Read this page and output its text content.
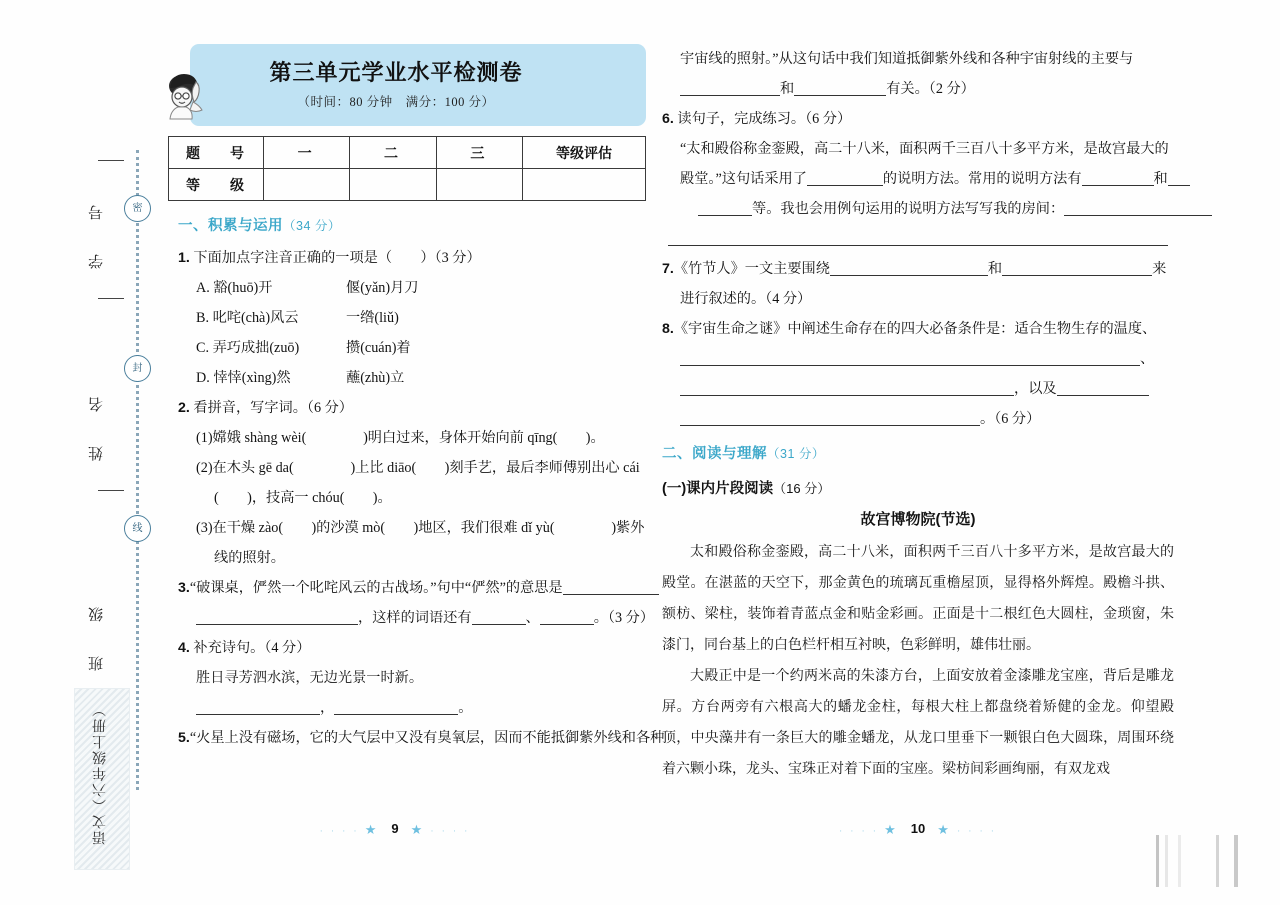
学 号
姓 名
班 级
密
封
线
语文（六年级上册）
第三单元学业水平检测卷
（时间：80 分钟　满分：100 分）
题　号	一	二	三	等级评估
等　级				
一、积累与运用（34 分）
1. 下面加点字注音正确的一项是（　　）（3 分）
A. 豁(huō)开	偃(yǎn)月刀
B. 叱咤(chà)风云	一绺(liǔ)
C. 弄巧成拙(zuō)	攒(cuán)着
D. 悻悻(xìng)然	蘸(zhù)立
2. 看拼音，写字词。（6 分）
(1)嫦娥 shàng wèi(　　　　)明白过来，身体开始向前 qīng(　　)。
(2)在木头 gē da(　　　　)上比 diāo(　　)刻手艺，最后李师傅别出心 cái
(　　)，技高一 chóu(　　)。
(3)在干燥 zào(　　)的沙漠 mò(　　)地区，我们很难 dǐ yù(　　　　)紫外
线的照射。
3.“破课桌，俨然一个叱咤风云的古战场。”句中“俨然”的意思是
，这样的词语还有	、	。（3 分）
4. 补充诗句。（4 分）
胜日寻芳泗水滨，无边光景一时新。
，	。
5.“火星上没有磁场，它的大气层中又没有臭氧层，因而不能抵御紫外线和各种
· · · · ★ 9 ★ · · · ·
宇宙线的照射。”从这句话中我们知道抵御紫外线和各种宇宙射线的主要与
和	有关。（2 分）
6. 读句子，完成练习。（6 分）
“太和殿俗称金銮殿，高二十八米，面积两千三百八十多平方米，是故宫最大的
殿堂。”这句话采用了	的说明方法。常用的说明方法有	和
等。我也会用例句运用的说明方法写写我的房间：
7.《竹节人》一文主要围绕	和	来
进行叙述的。（4 分）
8.《宇宙生命之谜》中阐述生命存在的四大必备条件是：适合生物生存的温度、
、
，以及
。（6 分）
二、阅读与理解（31 分）
(一)课内片段阅读（16 分）
故宫博物院(节选)

太和殿俗称金銮殿，高二十八米，面积两千三百八十多平方米，是故宫最大的殿堂。在湛蓝的天空下，那金黄色的琉璃瓦重檐屋顶，显得格外辉煌。殿檐斗拱、额枋、梁柱，装饰着青蓝点金和贴金彩画。正面是十二根红色大圆柱，金琐窗，朱漆门，同台基上的白色栏杆相互衬映，色彩鲜明，雄伟壮丽。

大殿正中是一个约两米高的朱漆方台，上面安放着金漆雕龙宝座，背后是雕龙屏。方台两旁有六根高大的蟠龙金柱，每根大柱上都盘绕着矫健的金龙。仰望殿顶，中央藻井有一条巨大的雕金蟠龙，从龙口里垂下一颗银白色大圆珠，周围环绕着六颗小珠，龙头、宝珠正对着下面的宝座。梁枋间彩画绚丽，有双龙戏

· · · · ★ 10 ★ · · · ·
